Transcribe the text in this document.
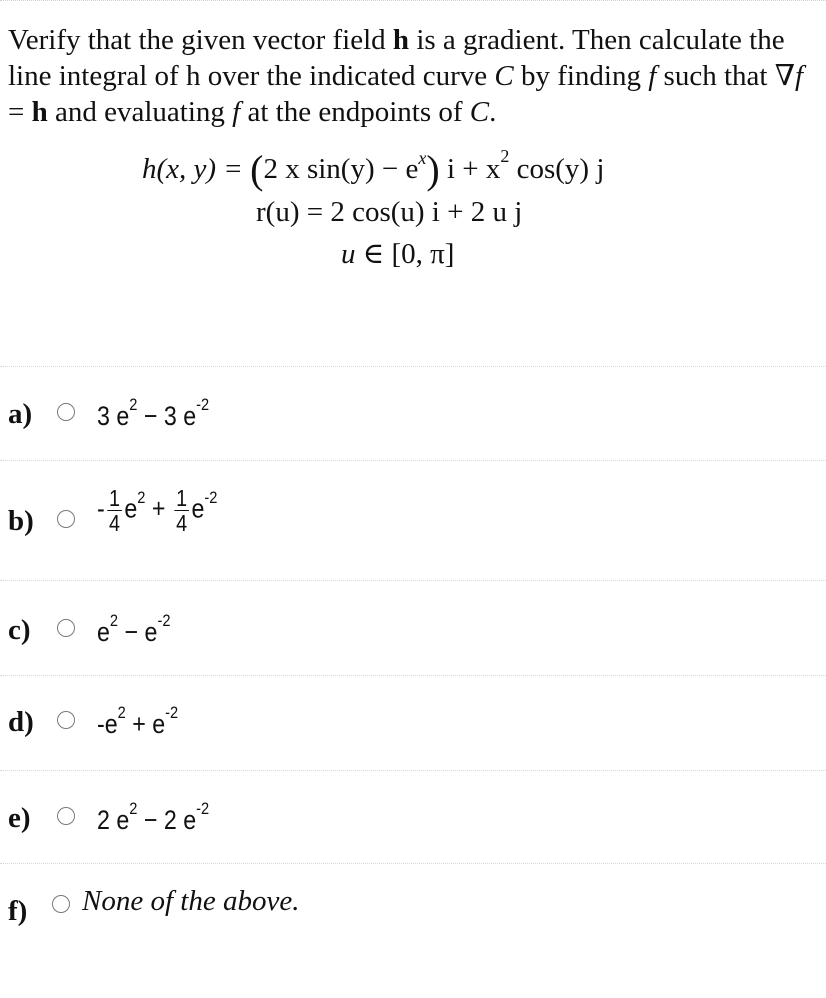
Verify that the given vector field h is a gradient. Then calculate the line integral of h over the indicated curve C by finding f such that ∇f = h and evaluating f at the endpoints of C.
h(x, y) = (2 x $\sin(y) - e^x$) $i + x^2$ cos(y) j
r(u) = 2 cos(u) i + 2 u j
u ∈ [0, π]
a) 3 $e^2 - 3$ $e^{-2}$
$b) - \frac{1}{4} e^2 + \frac{1}{4} e^{-2}$
c) $e^2 - e^{-2}$
d) $-e^2 + e^{-2}$
e) 2 $e^2 - 2$ $e^{-2}$
f) None of the above.
